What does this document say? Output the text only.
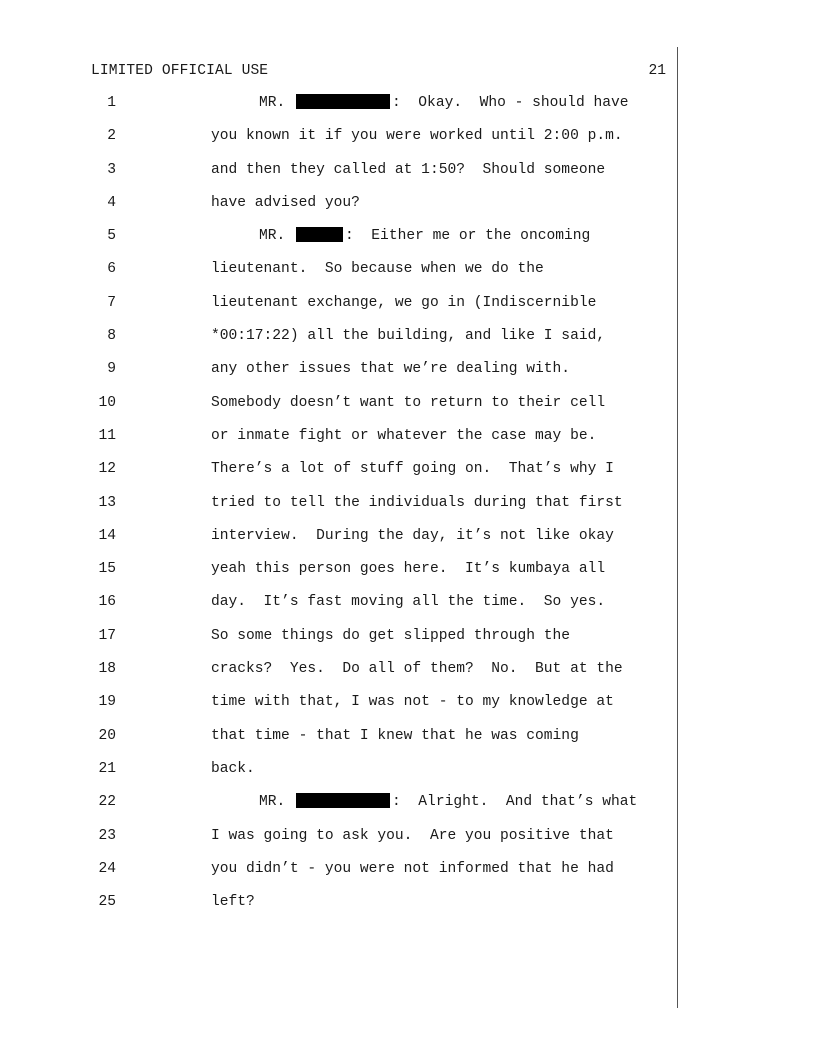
LIMITED OFFICIAL USE	21
1	MR.	:  Okay.  Who - should have
2	you known it if you were worked until 2:00 p.m.
3	and then they called at 1:50?  Should someone
4	have advised you?
5	MR.	:  Either me or the oncoming
6	lieutenant.  So because when we do the
7	lieutenant exchange, we go in (Indiscernible
8	*00:17:22) all the building, and like I said,
9	any other issues that we’re dealing with.
10	Somebody doesn’t want to return to their cell
11	or inmate fight or whatever the case may be.
12	There’s a lot of stuff going on.  That’s why I
13	tried to tell the individuals during that first
14	interview.  During the day, it’s not like okay
15	yeah this person goes here.  It’s kumbaya all
16	day.  It’s fast moving all the time.  So yes.
17	So some things do get slipped through the
18	cracks?  Yes.  Do all of them?  No.  But at the
19	time with that, I was not - to my knowledge at
20	that time - that I knew that he was coming
21	back.
22	MR.	:  Alright.  And that’s what
23	I was going to ask you.  Are you positive that
24	you didn’t - you were not informed that he had
25	left?
